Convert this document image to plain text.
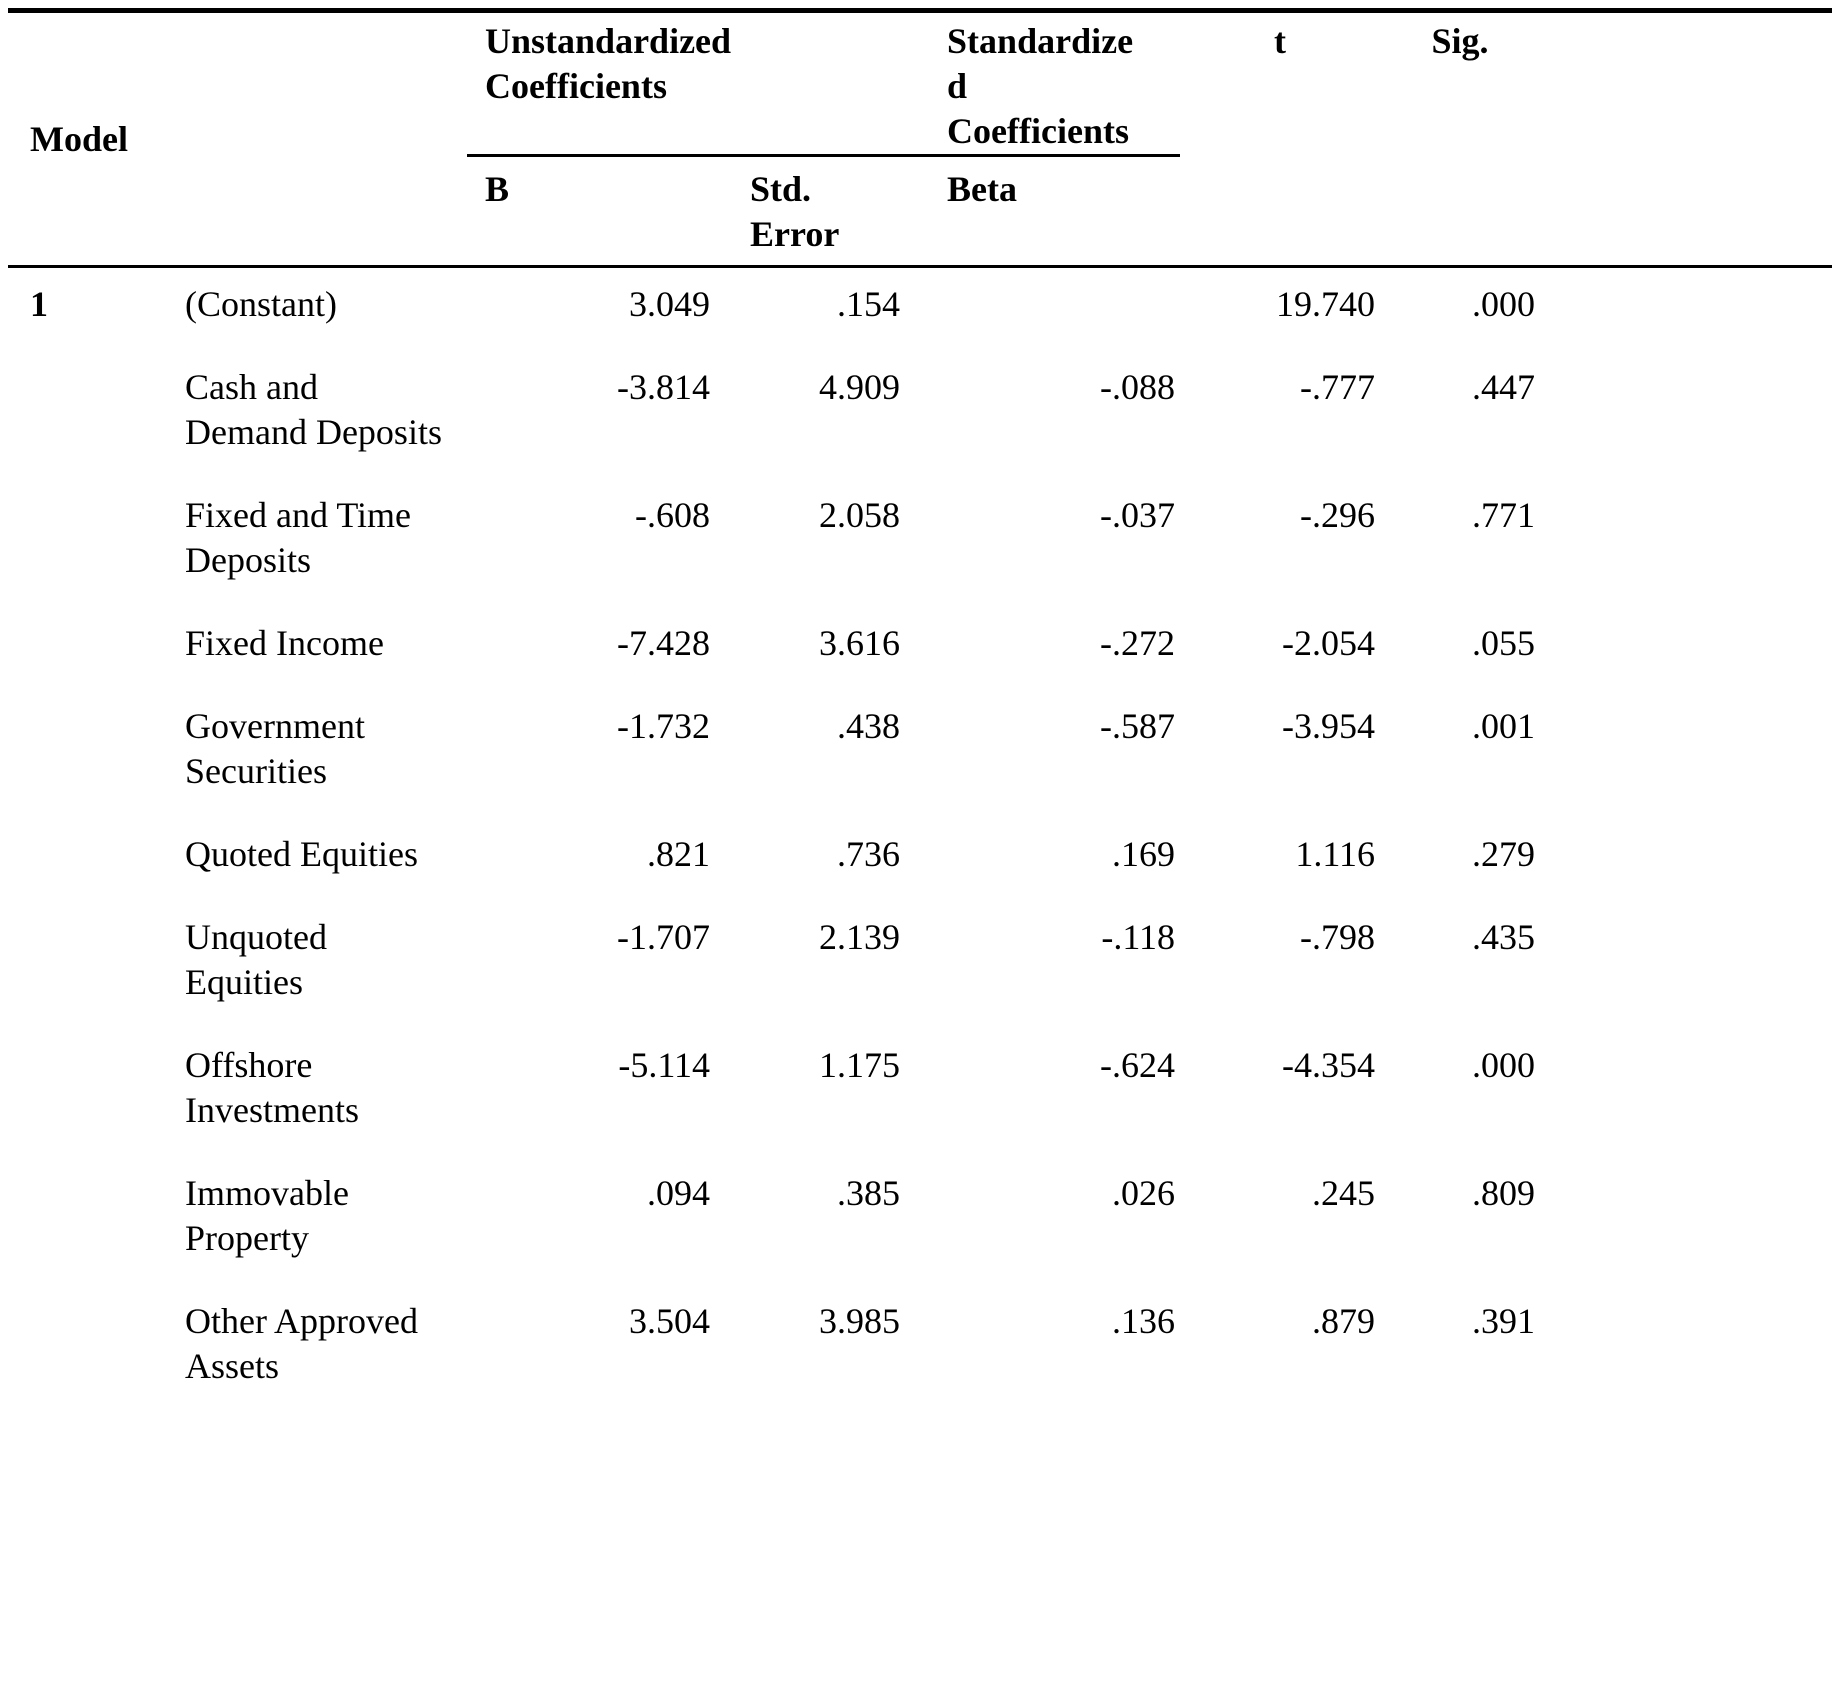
Model		Unstandardized Coefficients		Standardized Coefficients	t	Sig.	
		B	Std. Error	Beta			
1	(Constant)	3.049	.154		19.740	.000	
	Cash and Demand Deposits	-3.814	4.909	-.088	-.777	.447	
	Fixed and Time Deposits	-.608	2.058	-.037	-.296	.771	
	Fixed Income	-7.428	3.616	-.272	-2.054	.055	
	Government Securities	-1.732	.438	-.587	-3.954	.001	
	Quoted Equities	.821	.736	.169	1.116	.279	
	Unquoted Equities	-1.707	2.139	-.118	-.798	.435	
	Offshore Investments	-5.114	1.175	-.624	-4.354	.000	
	Immovable Property	.094	.385	.026	.245	.809	
	Other Approved Assets	3.504	3.985	.136	.879	.391	
